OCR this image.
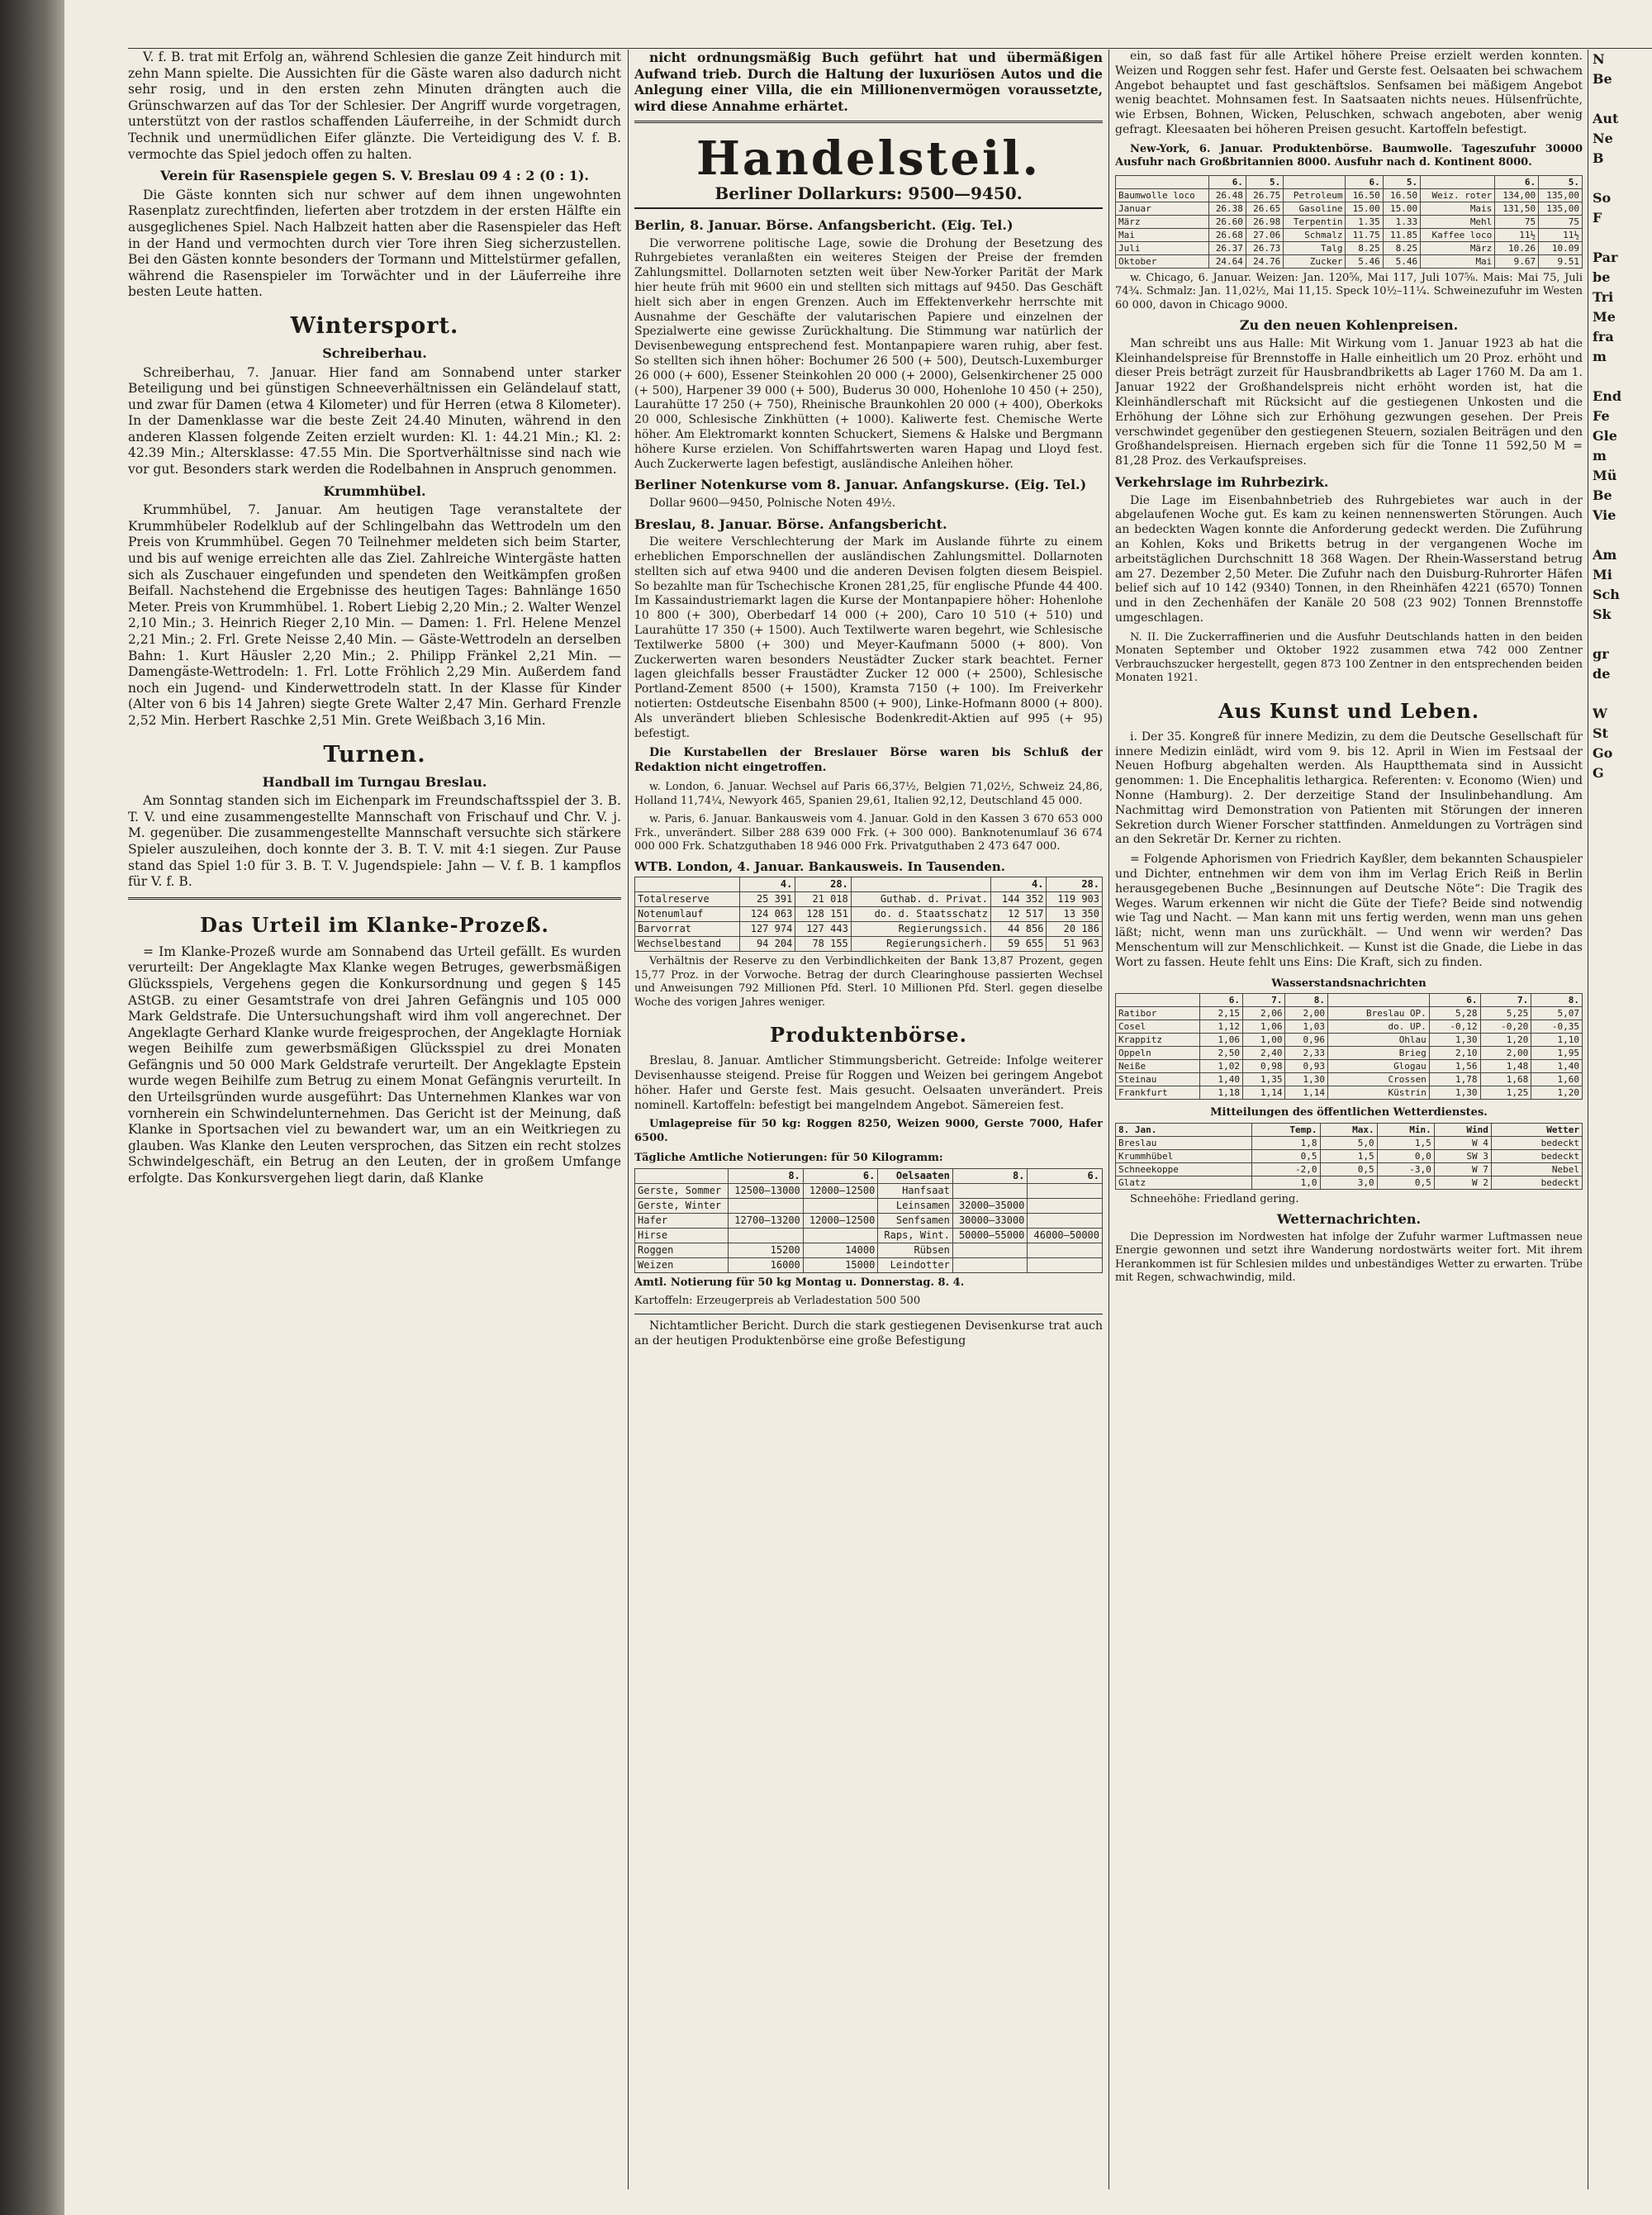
V. f. B. trat mit Erfolg an, während Schlesien die ganze Zeit hindurch mit zehn Mann spielte. Die Aussichten für die Gäste waren also dadurch nicht sehr rosig, und in den ersten zehn Minuten drängten auch die Grünschwarzen auf das Tor der Schlesier. Der Angriff wurde vorgetragen, unterstützt von der rastlos schaffenden Läuferreihe, in der Schmidt durch Technik und unermüdlichen Eifer glänzte. Die Verteidigung des V. f. B. vermochte das Spiel jedoch offen zu halten.

Verein für Rasenspiele gegen S. V. Breslau 09 4 : 2 (0 : 1).

Die Gäste konnten sich nur schwer auf dem ihnen ungewohnten Rasenplatz zurechtfinden, lieferten aber trotzdem in der ersten Hälfte ein ausgeglichenes Spiel. Nach Halbzeit hatten aber die Rasenspieler das Heft in der Hand und vermochten durch vier Tore ihren Sieg sicherzustellen. Bei den Gästen konnte besonders der Tormann und Mittelstürmer gefallen, während die Rasenspieler im Torwächter und in der Läuferreihe ihre besten Leute hatten.

Wintersport.
Schreiberhau.

Schreiberhau, 7. Januar. Hier fand am Sonnabend unter starker Beteiligung und bei günstigen Schneeverhältnissen ein Geländelauf statt, und zwar für Damen (etwa 4 Kilometer) und für Herren (etwa 8 Kilometer). In der Damenklasse war die beste Zeit 24.40 Minuten, während in den anderen Klassen folgende Zeiten erzielt wurden: Kl. 1: 44.21 Min.; Kl. 2: 42.39 Min.; Altersklasse: 47.55 Min. Die Sportverhältnisse sind nach wie vor gut. Besonders stark werden die Rodelbahnen in Anspruch genommen.

Krummhübel.

Krummhübel, 7. Januar. Am heutigen Tage veranstaltete der Krummhübeler Rodelklub auf der Schlingelbahn das Wettrodeln um den Preis von Krummhübel. Gegen 70 Teilnehmer meldeten sich beim Starter, und bis auf wenige erreichten alle das Ziel. Zahlreiche Wintergäste hatten sich als Zuschauer eingefunden und spendeten den Weitkämpfen großen Beifall. Nachstehend die Ergebnisse des heutigen Tages: Bahnlänge 1650 Meter. Preis von Krummhübel. 1. Robert Liebig 2,20 Min.; 2. Walter Wenzel 2,10 Min.; 3. Heinrich Rieger 2,10 Min. — Damen: 1. Frl. Helene Menzel 2,21 Min.; 2. Frl. Grete Neisse 2,40 Min. — Gäste-Wettrodeln an derselben Bahn: 1. Kurt Häusler 2,20 Min.; 2. Philipp Fränkel 2,21 Min. — Damengäste-Wettrodeln: 1. Frl. Lotte Fröhlich 2,29 Min. Außerdem fand noch ein Jugend- und Kinderwettrodeln statt. In der Klasse für Kinder (Alter von 6 bis 14 Jahren) siegte Grete Walter 2,47 Min. Gerhard Frenzle 2,52 Min. Herbert Raschke 2,51 Min. Grete Weißbach 3,16 Min.

Turnen.
Handball im Turngau Breslau.

Am Sonntag standen sich im Eichenpark im Freundschaftsspiel der 3. B. T. V. und eine zusammengestellte Mannschaft von Frischauf und Chr. V. j. M. gegenüber. Die zusammengestellte Mannschaft versuchte sich stärkere Spieler auszuleihen, doch konnte der 3. B. T. V. mit 4:1 siegen. Zur Pause stand das Spiel 1:0 für 3. B. T. V. Jugendspiele: Jahn — V. f. B. 1 kampflos für V. f. B.

Das Urteil im Klanke-Prozeß.

= Im Klanke-Prozeß wurde am Sonnabend das Urteil gefällt. Es wurden verurteilt: Der Angeklagte Max Klanke wegen Betruges, gewerbsmäßigen Glücksspiels, Vergehens gegen die Konkursordnung und gegen § 145 AStGB. zu einer Gesamtstrafe von drei Jahren Gefängnis und 105 000 Mark Geldstrafe. Die Untersuchungshaft wird ihm voll angerechnet. Der Angeklagte Gerhard Klanke wurde freigesprochen, der Angeklagte Horniak wegen Beihilfe zum gewerbsmäßigen Glücksspiel zu drei Monaten Gefängnis und 50 000 Mark Geldstrafe verurteilt. Der Angeklagte Epstein wurde wegen Beihilfe zum Betrug zu einem Monat Gefängnis verurteilt. In den Urteilsgründen wurde ausgeführt: Das Unternehmen Klankes war von vornherein ein Schwindelunternehmen. Das Gericht ist der Meinung, daß Klanke in Sportsachen viel zu bewandert war, um an ein Weitkriegen zu glauben. Was Klanke den Leuten versprochen, das Sitzen ein recht stolzes Schwindelgeschäft, ein Betrug an den Leuten, der in großem Umfange erfolgte. Das Konkursvergehen liegt darin, daß Klanke

nicht ordnungsmäßig Buch geführt hat und übermäßigen Aufwand trieb. Durch die Haltung der luxuriösen Autos und die Anlegung einer Villa, die ein Millionenvermögen voraussetzte, wird diese Annahme erhärtet.

Handelsteil.
Berliner Dollarkurs: 9500—9450.
Berlin, 8. Januar. Börse. Anfangsbericht. (Eig. Tel.)

Die verworrene politische Lage, sowie die Drohung der Besetzung des Ruhrgebietes veranlaßten ein weiteres Steigen der Preise der fremden Zahlungsmittel. Dollarnoten setzten weit über New-Yorker Parität der Mark hier heute früh mit 9600 ein und stellten sich mittags auf 9450. Das Geschäft hielt sich aber in engen Grenzen. Auch im Effektenverkehr herrschte mit Ausnahme der Geschäfte der valutarischen Papiere und einzelnen der Spezialwerte eine gewisse Zurückhaltung. Die Stimmung war natürlich der Devisenbewegung entsprechend fest. Montanpapiere waren ruhig, aber fest. So stellten sich ihnen höher: Bochumer 26 500 (+ 500), Deutsch-Luxemburger 26 000 (+ 600), Essener Steinkohlen 20 000 (+ 2000), Gelsenkirchener 25 000 (+ 500), Harpener 39 000 (+ 500), Buderus 30 000, Hohenlohe 10 450 (+ 250), Laurahütte 17 250 (+ 750), Rheinische Braunkohlen 20 000 (+ 400), Oberkoks 20 000, Schlesische Zinkhütten (+ 1000). Kaliwerte fest. Chemische Werte höher. Am Elektromarkt konnten Schuckert, Siemens & Halske und Bergmann höhere Kurse erzielen. Von Schiffahrtswerten waren Hapag und Lloyd fest. Auch Zuckerwerte lagen befestigt, ausländische Anleihen höher.

Berliner Notenkurse vom 8. Januar. Anfangskurse. (Eig. Tel.)

Dollar 9600—9450, Polnische Noten 49½.

Breslau, 8. Januar. Börse. Anfangsbericht.

Die weitere Verschlechterung der Mark im Auslande führte zu einem erheblichen Emporschnellen der ausländischen Zahlungsmittel. Dollarnoten stellten sich auf etwa 9400 und die anderen Devisen folgten diesem Beispiel. So bezahlte man für Tschechische Kronen 281,25, für englische Pfunde 44 400. Im Kassaindustriemarkt lagen die Kurse der Montanpapiere höher: Hohenlohe 10 800 (+ 300), Oberbedarf 14 000 (+ 200), Caro 10 510 (+ 510) und Laurahütte 17 350 (+ 1500). Auch Textilwerte waren begehrt, wie Schlesische Textilwerke 5800 (+ 300) und Meyer-Kaufmann 5000 (+ 800). Von Zuckerwerten waren besonders Neustädter Zucker stark beachtet. Ferner lagen gleichfalls besser Fraustädter Zucker 12 000 (+ 2500), Schlesische Portland-Zement 8500 (+ 1500), Kramsta 7150 (+ 100). Im Freiverkehr notierten: Ostdeutsche Eisenbahn 8500 (+ 900), Linke-Hofmann 8000 (+ 800). Als unverändert blieben Schlesische Bodenkredit-Aktien auf 995 (+ 95) befestigt.

Die Kurstabellen der Breslauer Börse waren bis Schluß der Redaktion nicht eingetroffen.

w. London, 6. Januar. Wechsel auf Paris 66,37½, Belgien 71,02½, Schweiz 24,86, Holland 11,74¼, Newyork 465, Spanien 29,61, Italien 92,12, Deutschland 45 000.

w. Paris, 6. Januar. Bankausweis vom 4. Januar. Gold in den Kassen 3 670 653 000 Frk., unverändert. Silber 288 639 000 Frk. (+ 300 000). Banknotenumlauf 36 674 000 000 Frk. Schatzguthaben 18 946 000 Frk. Privatguthaben 2 473 647 000.

WTB. London, 4. Januar. Bankausweis. In Tausenden.
	4.	28.		4.	28.
Totalreserve	25 391	21 018	Guthab. d. Privat.	144 352	119 903
Notenumlauf	124 063	128 151	do. d. Staatsschatz	12 517	13 350
Barvorrat	127 974	127 443	Regierungssich.	44 856	20 186
Wechselbestand	94 204	78 155	Regierungsicherh.	59 655	51 963

Verhältnis der Reserve zu den Verbindlichkeiten der Bank 13,87 Prozent, gegen 15,77 Proz. in der Vorwoche. Betrag der durch Clearinghouse passierten Wechsel und Anweisungen 792 Millionen Pfd. Sterl. 10 Millionen Pfd. Sterl. gegen dieselbe Woche des vorigen Jahres weniger.

Produktenbörse.

Breslau, 8. Januar. Amtlicher Stimmungsbericht. Getreide: Infolge weiterer Devisenhausse steigend. Preise für Roggen und Weizen bei geringem Angebot höher. Hafer und Gerste fest. Mais gesucht. Oelsaaten unverändert. Preis nominell. Kartoffeln: befestigt bei mangelndem Angebot. Sämereien fest.

Umlagepreise für 50 kg: Roggen 8250, Weizen 9000, Gerste 7000, Hafer 6500.

Tägliche Amtliche Notierungen: für 50 Kilogramm:
	8.	6.	Oelsaaten	8.	6.
Gerste, Sommer	12500—13000	12000—12500	Hanfsaat		
Gerste, Winter			Leinsamen	32000—35000	
Hafer	12700—13200	12000—12500	Senfsamen	30000—33000	
Hirse			Raps, Wint.	50000—55000	46000—50000
Roggen	15200	14000	Rübsen		
Weizen	16000	15000	Leindotter		

Amtl. Notierung für 50 kg Montag u. Donnerstag. 8. 4.

Kartoffeln: Erzeugerpreis ab Verladestation 500 500

Nichtamtlicher Bericht. Durch die stark gestiegenen Devisenkurse trat auch an der heutigen Produktenbörse eine große Befestigung

ein, so daß fast für alle Artikel höhere Preise erzielt werden konnten. Weizen und Roggen sehr fest. Hafer und Gerste fest. Oelsaaten bei schwachem Angebot behauptet und fast geschäftslos. Senfsamen bei mäßigem Angebot wenig beachtet. Mohnsamen fest. In Saatsaaten nichts neues. Hülsenfrüchte, wie Erbsen, Bohnen, Wicken, Peluschken, schwach angeboten, aber wenig gefragt. Kleesaaten bei höheren Preisen gesucht. Kartoffeln befestigt.

New-York, 6. Januar. Produktenbörse. Baumwolle. Tageszufuhr 30000 Ausfuhr nach Großbritannien 8000. Ausfuhr nach d. Kontinent 8000.

	6.	5.		6.	5.		6.	5.
Baumwolle loco	26.48	26.75	Petroleum	16.50	16.50	Weiz. roter	134,00	135,00
Januar	26.38	26.65	Gasoline	15.00	15.00	Mais	131,50	135,00
März	26.60	26.98	Terpentin	1.35	1.33	Mehl	75	75
Mai	26.68	27.06	Schmalz	11.75	11.85	Kaffee loco	11½	11½
Juli	26.37	26.73	Talg	8.25	8.25	März	10.26	10.09
Oktober	24.64	24.76	Zucker	5.46	5.46	Mai	9.67	9.51

w. Chicago, 6. Januar. Weizen: Jan. 120⅝, Mai 117, Juli 107⅝. Mais: Mai 75, Juli 74¾. Schmalz: Jan. 11,02½, Mai 11,15. Speck 10½–11¼. Schweinezufuhr im Westen 60 000, davon in Chicago 9000.

Zu den neuen Kohlenpreisen.

Man schreibt uns aus Halle: Mit Wirkung vom 1. Januar 1923 ab hat die Kleinhandelspreise für Brennstoffe in Halle einheitlich um 20 Proz. erhöht und dieser Preis beträgt zurzeit für Hausbrandbriketts ab Lager 1760 M. Da am 1. Januar 1922 der Großhandelspreis nicht erhöht worden ist, hat die Kleinhändlerschaft mit Rücksicht auf die gestiegenen Unkosten und die Erhöhung der Löhne sich zur Erhöhung gezwungen gesehen. Der Preis verschwindet gegenüber den gestiegenen Steuern, sozialen Beiträgen und den Großhandelspreisen. Hiernach ergeben sich für die Tonne 11 592,50 M = 81,28 Proz. des Verkaufspreises.

Verkehrslage im Ruhrbezirk.

Die Lage im Eisenbahnbetrieb des Ruhrgebietes war auch in der abgelaufenen Woche gut. Es kam zu keinen nennenswerten Störungen. Auch an bedeckten Wagen konnte die Anforderung gedeckt werden. Die Zuführung an Kohlen, Koks und Briketts betrug in der vergangenen Woche im arbeitstäglichen Durchschnitt 18 368 Wagen. Der Rhein-Wasserstand betrug am 27. Dezember 2,50 Meter. Die Zufuhr nach den Duisburg-Ruhrorter Häfen belief sich auf 10 142 (9340) Tonnen, in den Rheinhäfen 4221 (6570) Tonnen und in den Zechenhäfen der Kanäle 20 508 (23 902) Tonnen Brennstoffe umgeschlagen.

N. II. Die Zuckerraffinerien und die Ausfuhr Deutschlands hatten in den beiden Monaten September und Oktober 1922 zusammen etwa 742 000 Zentner Verbrauchszucker hergestellt, gegen 873 100 Zentner in den entsprechenden beiden Monaten 1921.

Aus Kunst und Leben.

i. Der 35. Kongreß für innere Medizin, zu dem die Deutsche Gesellschaft für innere Medizin einlädt, wird vom 9. bis 12. April in Wien im Festsaal der Neuen Hofburg abgehalten werden. Als Hauptthemata sind in Aussicht genommen: 1. Die Encephalitis lethargica. Referenten: v. Economo (Wien) und Nonne (Hamburg). 2. Der derzeitige Stand der Insulinbehandlung. Am Nachmittag wird Demonstration von Patienten mit Störungen der inneren Sekretion durch Wiener Forscher stattfinden. Anmeldungen zu Vorträgen sind an den Sekretär Dr. Kerner zu richten.

= Folgende Aphorismen von Friedrich Kayßler, dem bekannten Schauspieler und Dichter, entnehmen wir dem von ihm im Verlag Erich Reiß in Berlin herausgegebenen Buche „Besinnungen auf Deutsche Nöte“: Die Tragik des Weges. Warum erkennen wir nicht die Güte der Tiefe? Beide sind notwendig wie Tag und Nacht. — Man kann mit uns fertig werden, wenn man uns gehen läßt; nicht, wenn man uns zurückhält. — Und wenn wir werden? Das Menschentum will zur Menschlichkeit. — Kunst ist die Gnade, die Liebe in das Wort zu fassen. Heute fehlt uns Eins: Die Kraft, sich zu finden.

Wasserstandsnachrichten
	6.	7.	8.		6.	7.	8.
Ratibor	2,15	2,06	2,00	Breslau OP.	5,28	5,25	5,07
Cosel	1,12	1,06	1,03	do. UP.	-0,12	-0,20	-0,35
Krappitz	1,06	1,00	0,96	Ohlau	1,30	1,20	1,10
Oppeln	2,50	2,40	2,33	Brieg	2,10	2,00	1,95
Neiße	1,02	0,98	0,93	Glogau	1,56	1,48	1,40
Steinau	1,40	1,35	1,30	Crossen	1,78	1,68	1,60
Frankfurt	1,18	1,14	1,14	Küstrin	1,30	1,25	1,20
Mitteilungen des öffentlichen Wetterdienstes.
8. Jan.	Temp.	Max.	Min.	Wind	Wetter
Breslau	1,8	5,0	1,5	W 4	bedeckt
Krummhübel	0,5	1,5	0,0	SW 3	bedeckt
Schneekoppe	-2,0	0,5	-3,0	W 7	Nebel
Glatz	1,0	3,0	0,5	W 2	bedeckt

Schneehöhe: Friedland gering.

Wetternachrichten.

Die Depression im Nordwesten hat infolge der Zufuhr warmer Luftmassen neue Energie gewonnen und setzt ihre Wanderung nordostwärts weiter fort. Mit ihrem Herankommen ist für Schlesien mildes und unbeständiges Wetter zu erwarten. Trübe mit Regen, schwachwindig, mild.

N
Be

Aut
Ne
B

So
F

Par
be
Tri
Me
fra
m

End
Fe
Gle
m
Mü
Be
Vie

Am
Mi
Sch
Sk

gr
de

W
St
Go
G
